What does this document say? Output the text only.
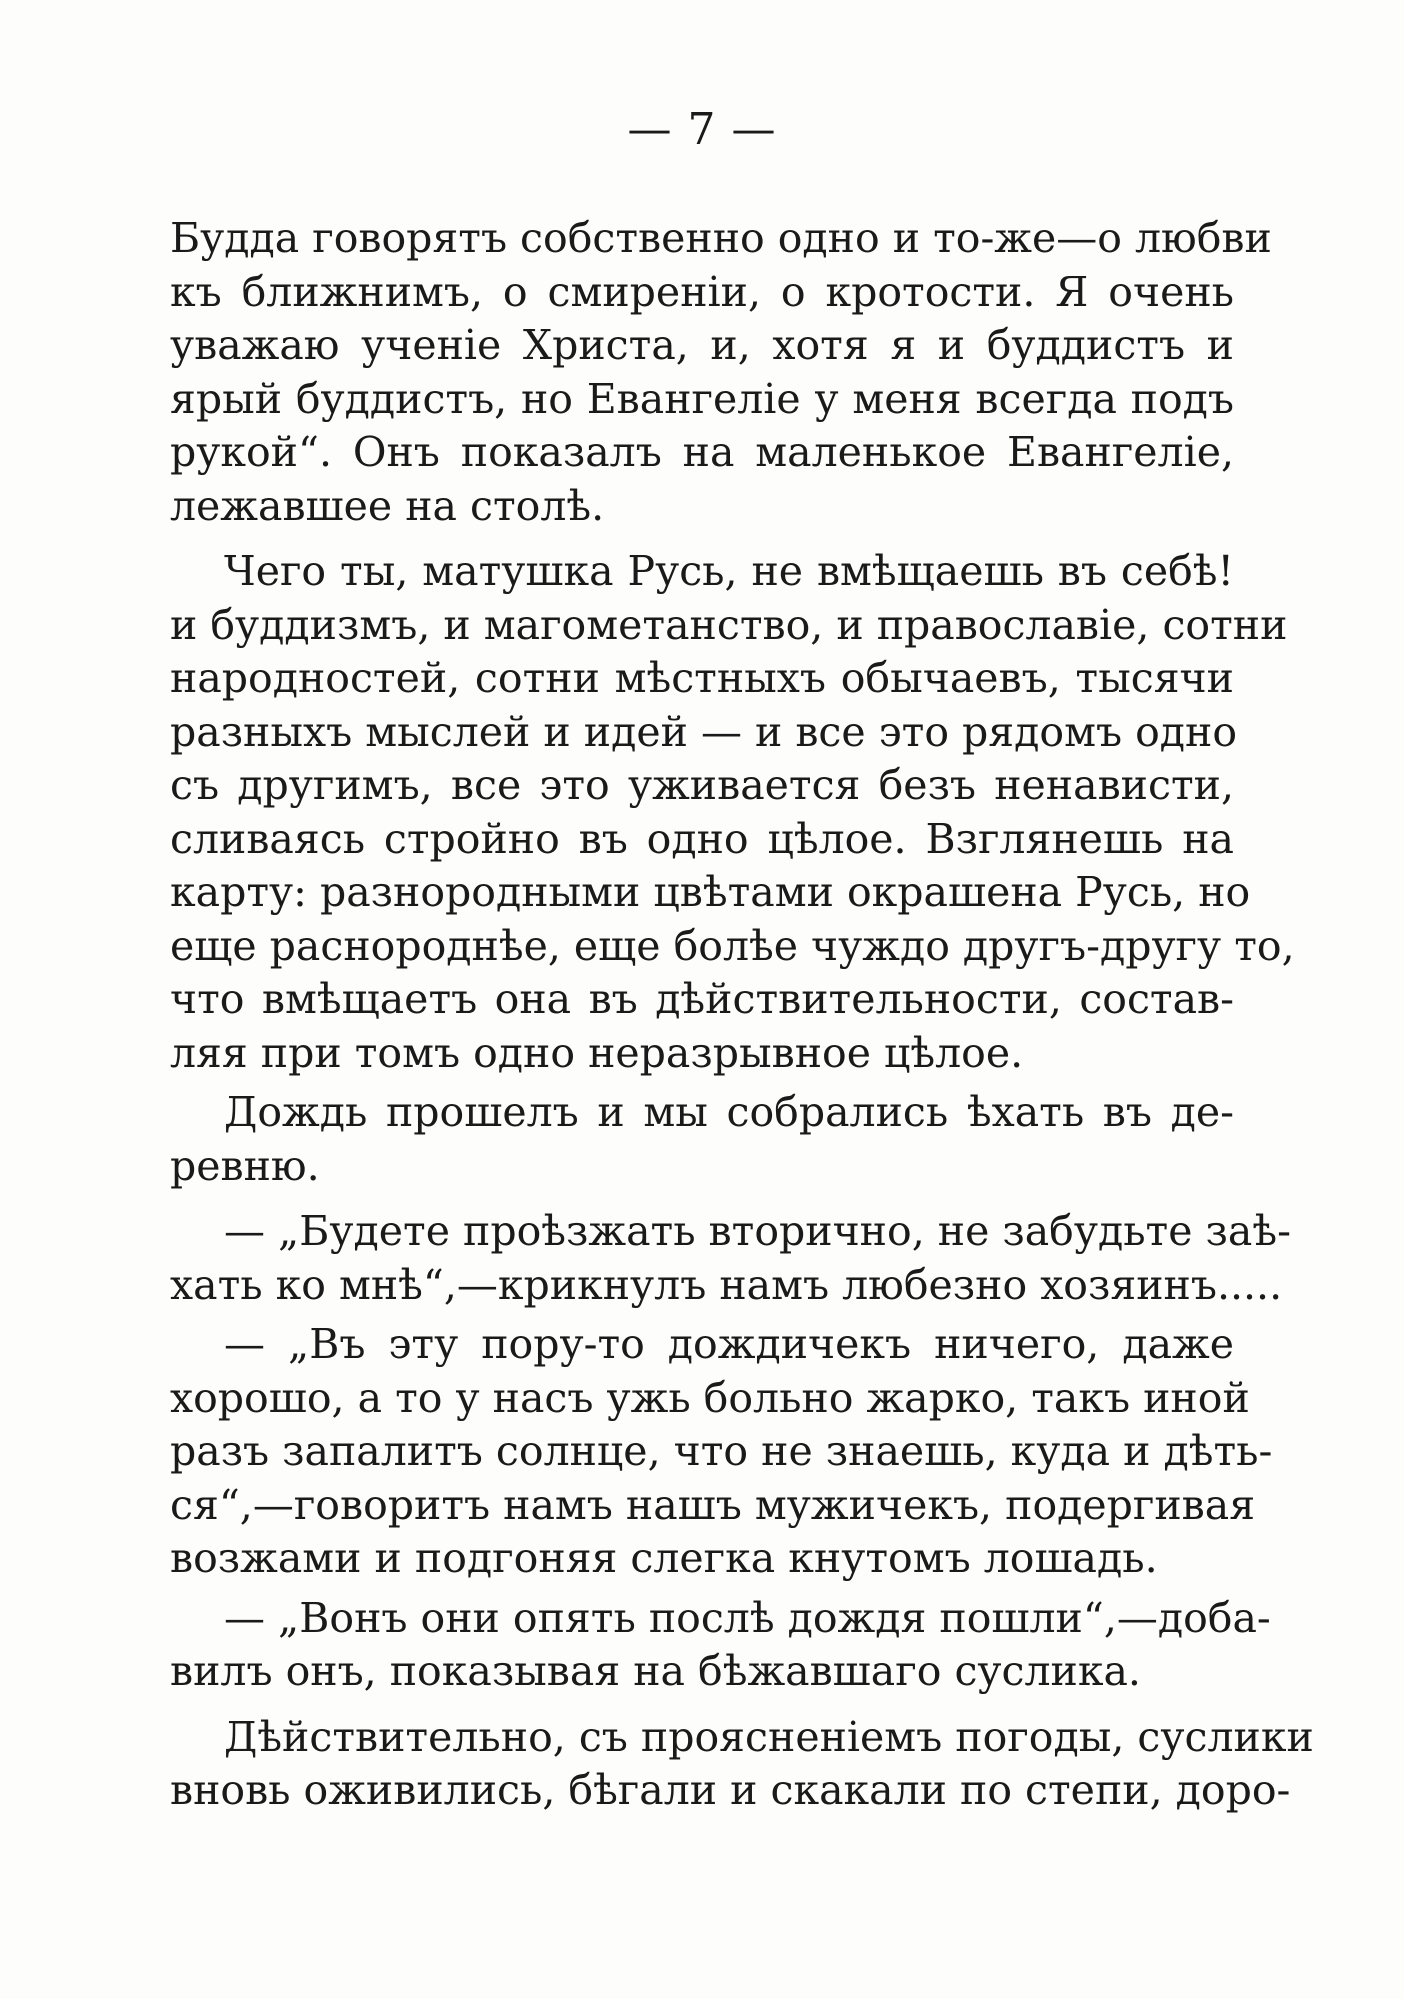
— 7 —
Будда говорятъ собственно одно и то-же—о любви
къ ближнимъ, о смиреніи, о кротости. Я очень
уважаю ученіе Христа, и, хотя я и буддистъ и
ярый буддистъ, но Евангеліе у меня всегда подъ
рукой“. Онъ показалъ на маленькое Евангеліе,
лежавшее на столѣ.
Чего ты, матушка Русь, не вмѣщаешь въ себѣ!
и буддизмъ, и магометанство, и православіе, сотни
народностей, сотни мѣстныхъ обычаевъ, тысячи
разныхъ мыслей и идей — и все это рядомъ одно
съ другимъ, все это уживается безъ ненависти,
сливаясь стройно въ одно цѣлое. Взглянешь на
карту: разнородными цвѣтами окрашена Русь, но
еще раснороднѣе, еще болѣе чуждо другъ-другу то,
что вмѣщаетъ она въ дѣйствительности, состав-
ляя при томъ одно неразрывное цѣлое.
Дождь прошелъ и мы собрались ѣхать въ де-
ревню.
— „Будете проѣзжать вторично, не забудьте заѣ-
хать ко мнѣ“,—крикнулъ намъ любезно хозяинъ.....
— „Въ эту пору-то дождичекъ ничего, даже
хорошо, а то у насъ ужь больно жарко, такъ иной
разъ запалитъ солнце, что не знаешь, куда и дѣть-
ся“,—говоритъ намъ нашъ мужичекъ, подергивая
возжами и подгоняя слегка кнутомъ лошадь.
— „Вонъ они опять послѣ дождя пошли“,—доба-
вилъ онъ, показывая на бѣжавшаго суслика.
Дѣйствительно, съ проясненіемъ погоды, суслики
вновь оживились, бѣгали и скакали по степи, доро-
